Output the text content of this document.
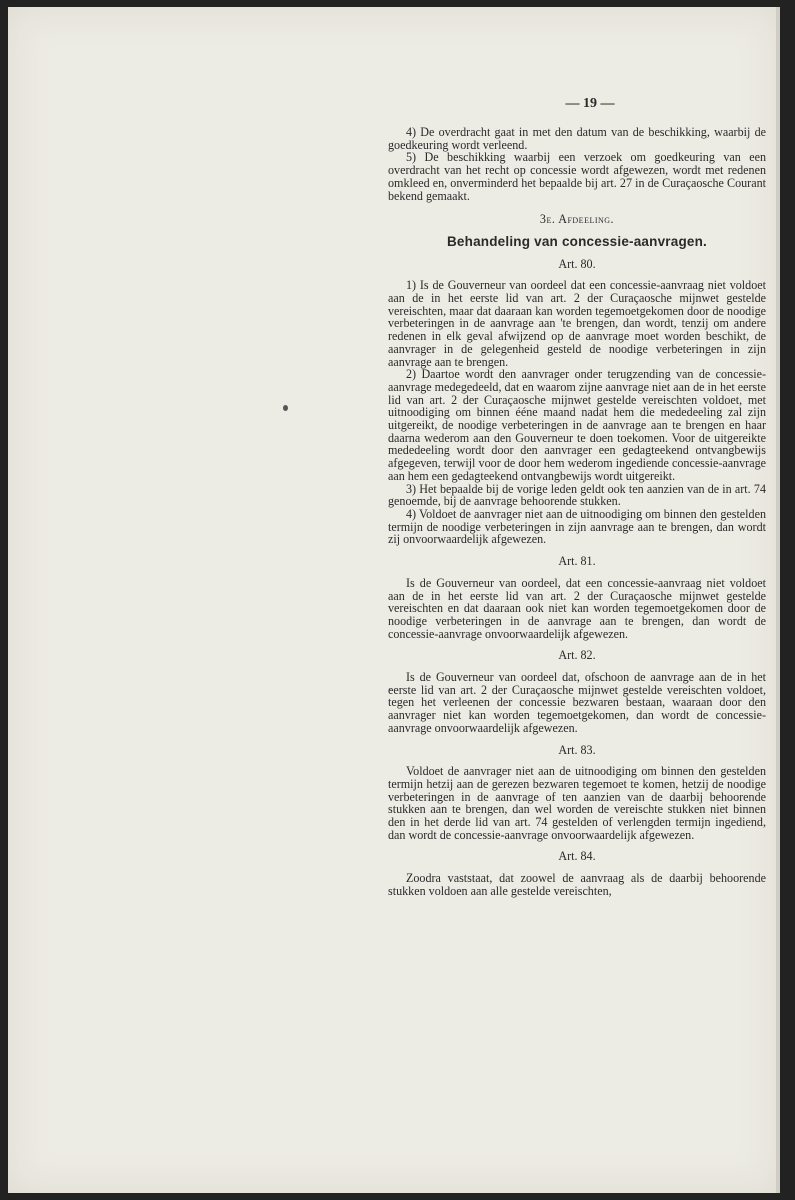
— 19 —

4) De overdracht gaat in met den datum van de beschikking, waarbij de goedkeuring wordt verleend.

5) De beschikking waarbij een verzoek om goedkeuring van een overdracht van het recht op concessie wordt afgewezen, wordt met redenen omkleed en, onverminderd het bepaalde bij art. 27 in de Curaçaosche Courant bekend gemaakt.

3e. Afdeeling.

Behandeling van concessie-aanvragen.

Art. 80.

1) Is de Gouverneur van oordeel dat een concessie-aanvraag niet voldoet aan de in het eerste lid van art. 2 der Curaçaosche mijnwet gestelde vereischten, maar dat daaraan kan worden tegemoetgekomen door de noodige verbeteringen in de aanvrage aan 'te brengen, dan wordt, tenzij om andere redenen in elk geval afwijzend op de aanvrage moet worden beschikt, de aanvrager in de gelegenheid gesteld de noodige verbeteringen in zijn aanvrage aan te brengen.

2) Daartoe wordt den aanvrager onder terugzending van de concessie-aanvrage medegedeeld, dat en waarom zijne aanvrage niet aan de in het eerste lid van art. 2 der Curaçaosche mijnwet gestelde vereischten voldoet, met uitnoodiging om binnen ééne maand nadat hem die mededeeling zal zijn uitgereikt, de noodige verbeteringen in de aanvrage aan te brengen en haar daarna wederom aan den Gouverneur te doen toekomen. Voor de uitgereikte mededeeling wordt door den aanvrager een gedagteekend ontvangbewijs afgegeven, terwijl voor de door hem wederom ingediende concessie-aanvrage aan hem een gedagteekend ontvangbewijs wordt uitgereikt.

3) Het bepaalde bij de vorige leden geldt ook ten aanzien van de in art. 74 genoemde, bij de aanvrage behoorende stukken.

4) Voldoet de aanvrager niet aan de uitnoodiging om binnen den gestelden termijn de noodige verbeteringen in zijn aanvrage aan te brengen, dan wordt zij onvoorwaardelijk afgewezen.

Art. 81.

Is de Gouverneur van oordeel, dat een concessie-aanvraag niet voldoet aan de in het eerste lid van art. 2 der Curaçaosche mijnwet gestelde vereischten en dat daaraan ook niet kan worden tegemoetgekomen door de noodige verbeteringen in de aanvrage aan te brengen, dan wordt de concessie-aanvrage onvoorwaardelijk afgewezen.

Art. 82.

Is de Gouverneur van oordeel dat, ofschoon de aanvrage aan de in het eerste lid van art. 2 der Curaçaosche mijnwet gestelde vereischten voldoet, tegen het verleenen der concessie bezwaren bestaan, waaraan door den aanvrager niet kan worden tegemoetgekomen, dan wordt de concessie-aanvrage onvoorwaardelijk afgewezen.

Art. 83.

Voldoet de aanvrager niet aan de uitnoodiging om binnen den gestelden termijn hetzij aan de gerezen bezwaren tegemoet te komen, hetzij de noodige verbeteringen in de aanvrage of ten aanzien van de daarbij behoorende stukken aan te brengen, dan wel worden de vereischte stukken niet binnen den in het derde lid van art. 74 gestelden of verlengden termijn ingediend, dan wordt de concessie-aanvrage onvoorwaardelijk afgewezen.

Art. 84.

Zoodra vaststaat, dat zoowel de aanvraag als de daarbij behoorende stukken voldoen aan alle gestelde vereischten,
